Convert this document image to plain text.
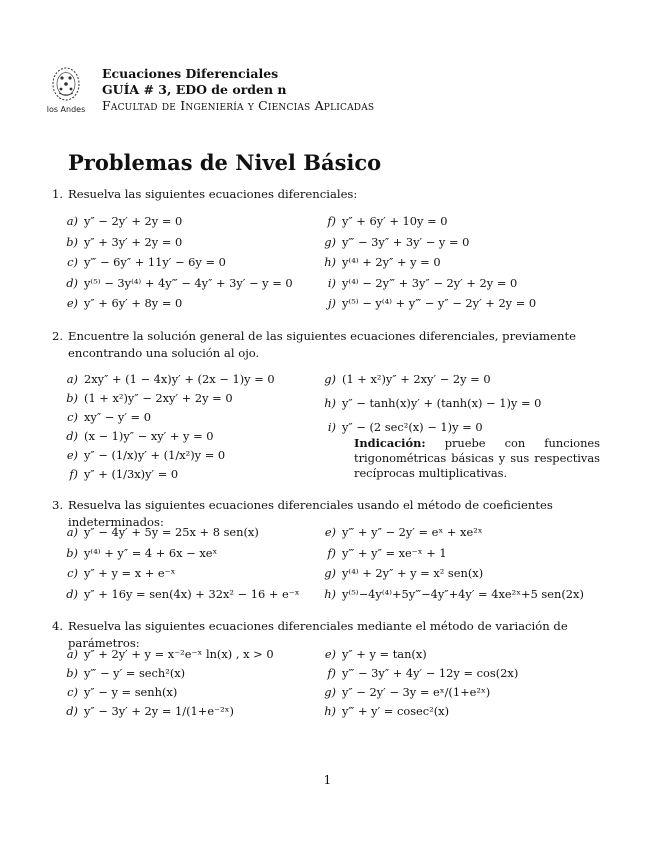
los Andes
Ecuaciones Diferenciales
GUÍA # 3, EDO de orden n
Facultad de Ingeniería y Ciencias Aplicadas
Problemas de Nivel Básico
1. Resuelva las siguientes ecuaciones diferenciales:
a) y″ − 2y′ + 2y = 0
b) y″ + 3y′ + 2y = 0
c) y‴ − 6y″ + 11y′ − 6y = 0
d) y⁽⁵⁾ − 3y⁽⁴⁾ + 4y‴ − 4y″ + 3y′ − y = 0
e) y″ + 6y′ + 8y = 0
f) y″ + 6y′ + 10y = 0
g) y‴ − 3y″ + 3y′ − y = 0
h) y⁽⁴⁾ + 2y″ + y = 0
i) y⁽⁴⁾ − 2y‴ + 3y″ − 2y′ + 2y = 0
j) y⁽⁵⁾ − y⁽⁴⁾ + y‴ − y″ − 2y′ + 2y = 0
2. Encuentre la solución general de las siguientes ecuaciones diferenciales, previamente encontrando una solución al ojo.
a) 2xy″ + (1 − 4x)y′ + (2x − 1)y = 0
b) (1 + x²)y″ − 2xy′ + 2y = 0
c) xy″ − y′ = 0
d) (x − 1)y″ − xy′ + y = 0
e) y″ − (1/x)y′ + (1/x²)y = 0
f) y″ + (1/3x)y′ = 0
g) (1 + x²)y″ + 2xy′ − 2y = 0
h) y″ − tanh(x)y′ + (tanh(x) − 1)y = 0
i) y″ − (2 sec²(x) − 1)y = 0
Indicación: pruebe con funciones trigonométricas básicas y sus respectivas recíprocas multiplicativas.
3. Resuelva las siguientes ecuaciones diferenciales usando el método de coeficientes indeterminados:
a) y″ − 4y′ + 5y = 25x + 8 sen(x)
b) y⁽⁴⁾ + y″ = 4 + 6x − xeˣ
c) y″ + y = x + e⁻ˣ
d) y″ + 16y = sen(4x) + 32x² − 16 + e⁻ˣ
e) y‴ + y″ − 2y′ = eˣ + xe²ˣ
f) y‴ + y″ = xe⁻ˣ + 1
g) y⁽⁴⁾ + 2y″ + y = x² sen(x)
h) y⁽⁵⁾−4y⁽⁴⁾+5y‴−4y″+4y′ = 4xe²ˣ+5 sen(2x)
4. Resuelva las siguientes ecuaciones diferenciales mediante el método de variación de parámetros:
a) y″ + 2y′ + y = x⁻²e⁻ˣ ln(x) , x > 0
b) y‴ − y′ = sech²(x)
c) y″ − y = senh(x)
d) y″ − 3y′ + 2y = 1/(1+e⁻²ˣ)
e) y″ + y = tan(x)
f) y‴ − 3y″ + 4y′ − 12y = cos(2x)
g) y″ − 2y′ − 3y = eˣ/(1+e²ˣ)
h) y‴ + y′ = cosec²(x)
1
